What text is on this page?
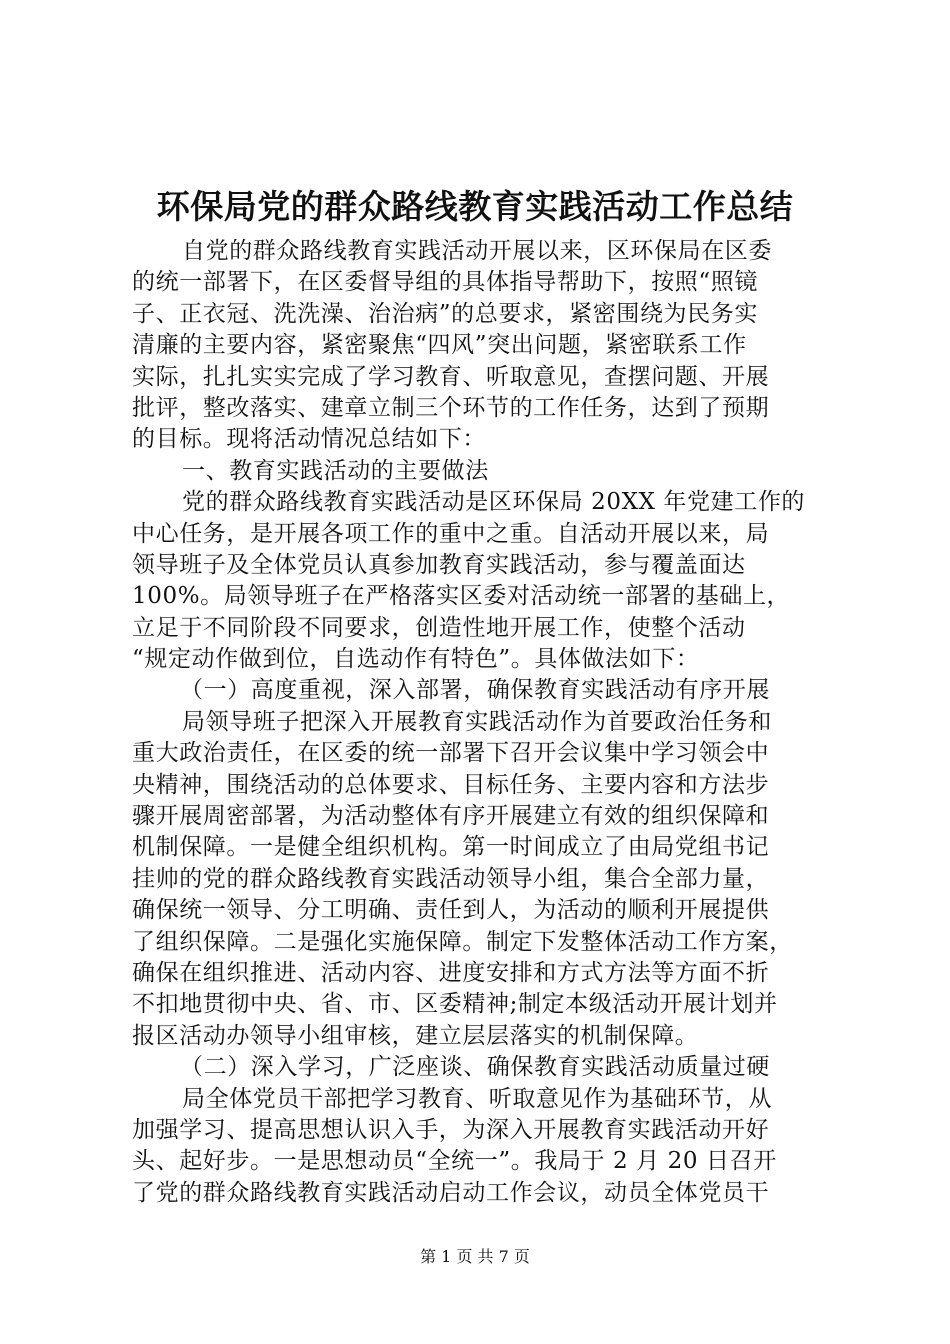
环保局党的群众路线教育实践活动工作总结
自党的群众路线教育实践活动开展以来，区环保局在区委
的统一部署下，在区委督导组的具体指导帮助下，按照“照镜
子、正衣冠、洗洗澡、治治病”的总要求，紧密围绕为民务实
清廉的主要内容，紧密聚焦“四风”突出问题，紧密联系工作
实际，扎扎实实完成了学习教育、听取意见，查摆问题、开展
批评，整改落实、建章立制三个环节的工作任务，达到了预期
的目标。现将活动情况总结如下：
一、教育实践活动的主要做法
党的群众路线教育实践活动是区环保局 20XX 年党建工作的
中心任务，是开展各项工作的重中之重。自活动开展以来，局
领导班子及全体党员认真参加教育实践活动，参与覆盖面达
100%。局领导班子在严格落实区委对活动统一部署的基础上，
立足于不同阶段不同要求，创造性地开展工作，使整个活动
“规定动作做到位，自选动作有特色”。具体做法如下：
（一）高度重视，深入部署，确保教育实践活动有序开展
局领导班子把深入开展教育实践活动作为首要政治任务和
重大政治责任，在区委的统一部署下召开会议集中学习领会中
央精神，围绕活动的总体要求、目标任务、主要内容和方法步
骤开展周密部署，为活动整体有序开展建立有效的组织保障和
机制保障。一是健全组织机构。第一时间成立了由局党组书记
挂帅的党的群众路线教育实践活动领导小组，集合全部力量，
确保统一领导、分工明确、责任到人，为活动的顺利开展提供
了组织保障。二是强化实施保障。制定下发整体活动工作方案，
确保在组织推进、活动内容、进度安排和方式方法等方面不折
不扣地贯彻中央、省、市、区委精神;制定本级活动开展计划并
报区活动办领导小组审核，建立层层落实的机制保障。
（二）深入学习，广泛座谈、确保教育实践活动质量过硬
局全体党员干部把学习教育、听取意见作为基础环节，从
加强学习、提高思想认识入手，为深入开展教育实践活动开好
头、起好步。一是思想动员“全统一”。我局于 2 月 20 日召开
了党的群众路线教育实践活动启动工作会议，动员全体党员干
第 1 页 共 7 页
